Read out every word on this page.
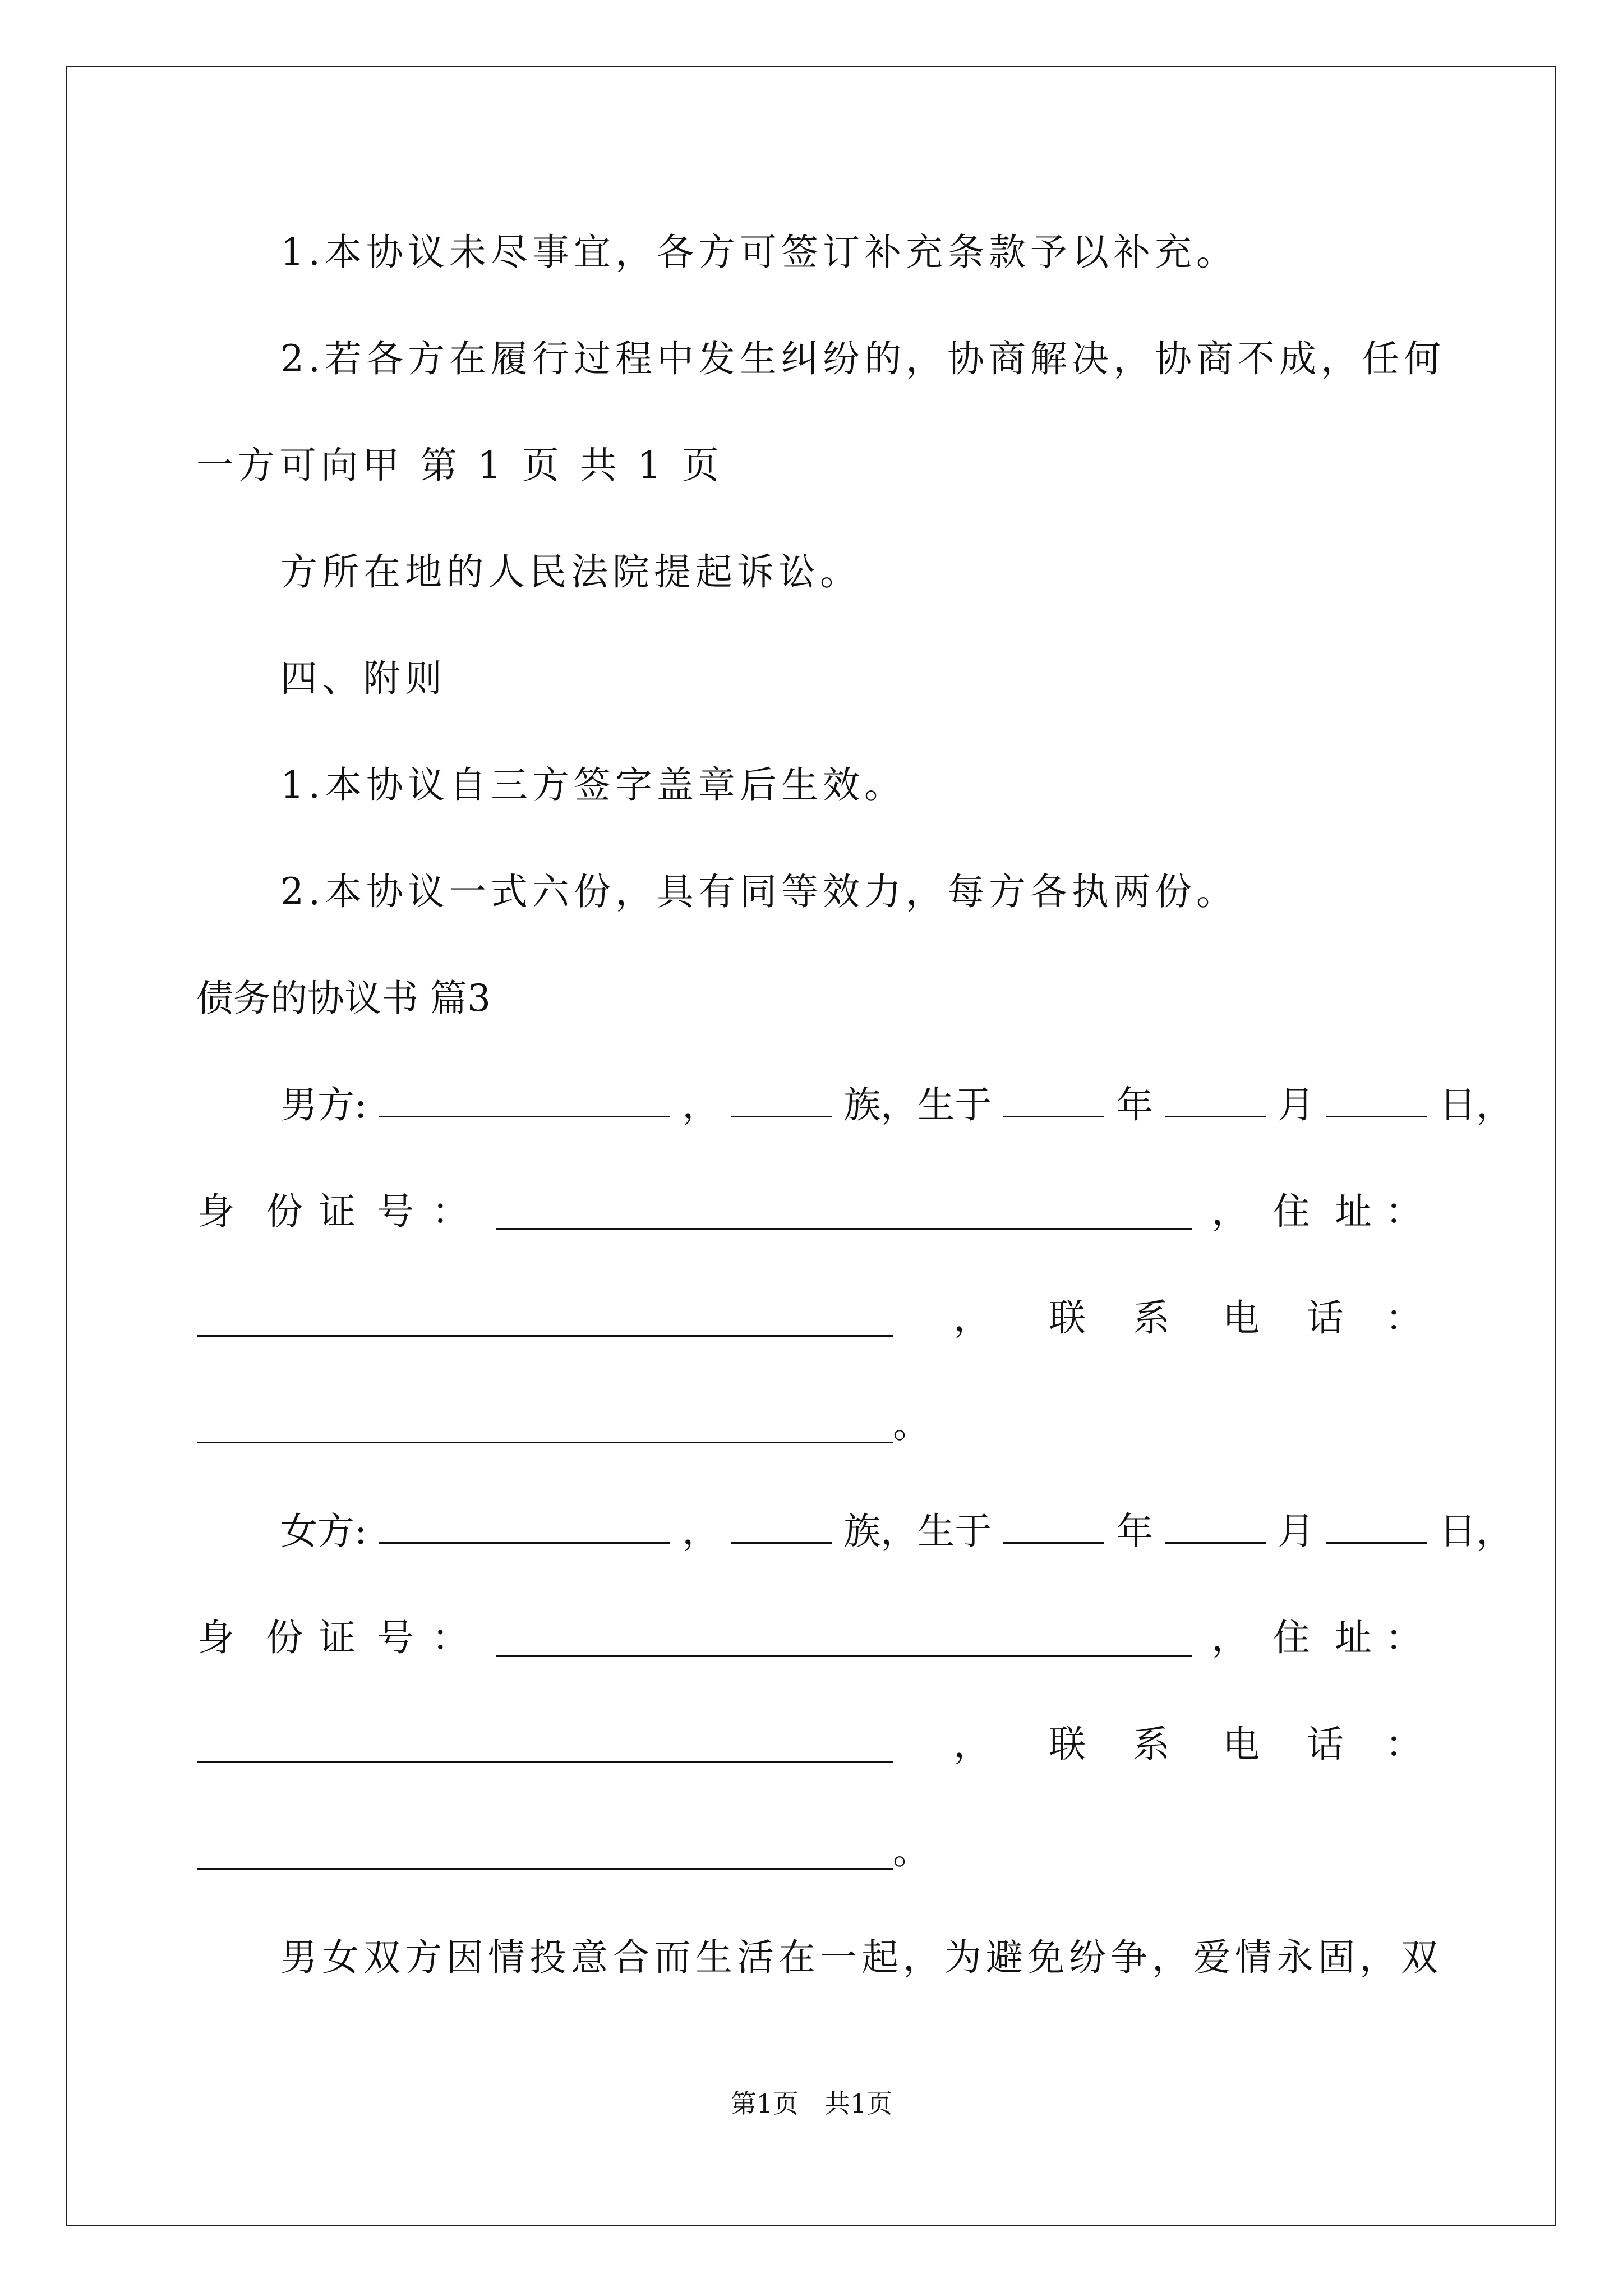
1.本协议未尽事宜，各方可签订补充条款予以补充。
2.若各方在履行过程中发生纠纷的，协商解决，协商不成，任何
一方可向甲 第 1 页 共 1 页
方所在地的人民法院提起诉讼。
四、附则
1.本协议自三方签字盖章后生效。
2.本协议一式六份，具有同等效力，每方各执两份。
债务的协议书 篇3
男方:	，	族，生于	年	月	日，
身 份 证 号 ：	， 住 址 ：
， 联 系 电 话 ：
。
女方:	，	族，生于	年	月	日，
身 份 证 号 ：	， 住 址 ：
， 联 系 电 话 ：
。
男女双方因情投意合而生活在一起，为避免纷争，爱情永固，双
第1页　共1页
